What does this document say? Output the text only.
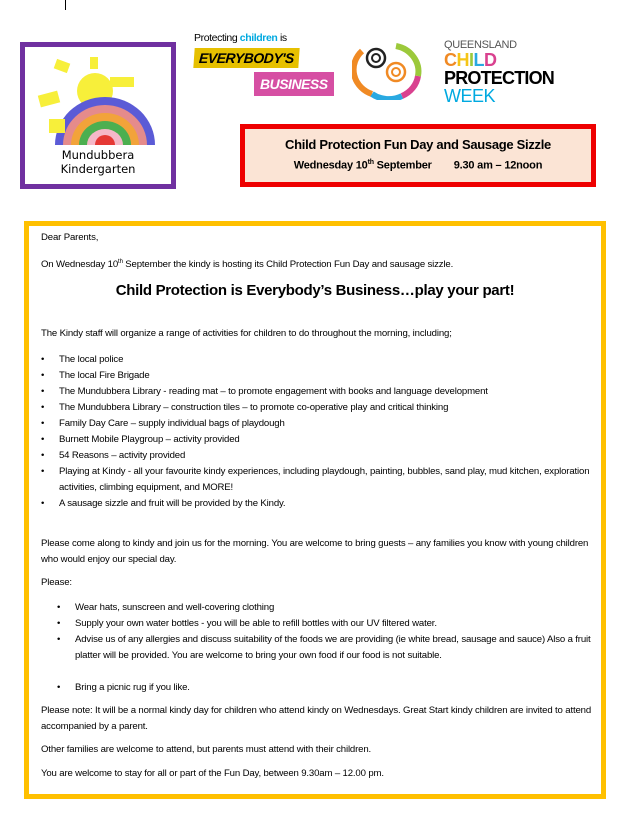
Mundubbera
Kindergarten
Protecting children is
EVERYBODY'S
BUSINESS
QUEENSLAND
CHILD
PROTECTION
WEEK
Child Protection Fun Day and Sausage Sizzle
Wednesday 10th September 9.30 am – 12noon
Dear Parents,
On Wednesday 10th September the kindy is hosting its Child Protection Fun Day and sausage sizzle.
Child Protection is Everybody’s Business…play your part!
The Kindy staff will organize a range of activities for children to do throughout the morning, including;
• The local police
• The local Fire Brigade
• The Mundubbera Library - reading mat – to promote engagement with books and language development
• The Mundubbera Library – construction tiles – to promote co-operative play and critical thinking
• Family Day Care – supply individual bags of playdough
• Burnett Mobile Playgroup – activity provided
• 54 Reasons – activity provided
• Playing at Kindy - all your favourite kindy experiences, including playdough, painting, bubbles, sand play, mud kitchen, exploration activities, climbing equipment, and MORE!
• A sausage sizzle and fruit will be provided by the Kindy.
Please come along to kindy and join us for the morning. You are welcome to bring guests – any families you know with young children who would enjoy our special day.
Please:
• Wear hats, sunscreen and well-covering clothing
• Supply your own water bottles - you will be able to refill bottles with our UV filtered water.
• Advise us of any allergies and discuss suitability of the foods we are providing (ie white bread, sausage and sauce) Also a fruit platter will be provided. You are welcome to bring your own food if our food is not suitable.
• Bring a picnic rug if you like.
Please note: It will be a normal kindy day for children who attend kindy on Wednesdays. Great Start kindy children are invited to attend accompanied by a parent.
Other families are welcome to attend, but parents must attend with their children.
You are welcome to stay for all or part of the Fun Day, between 9.30am – 12.00 pm.
